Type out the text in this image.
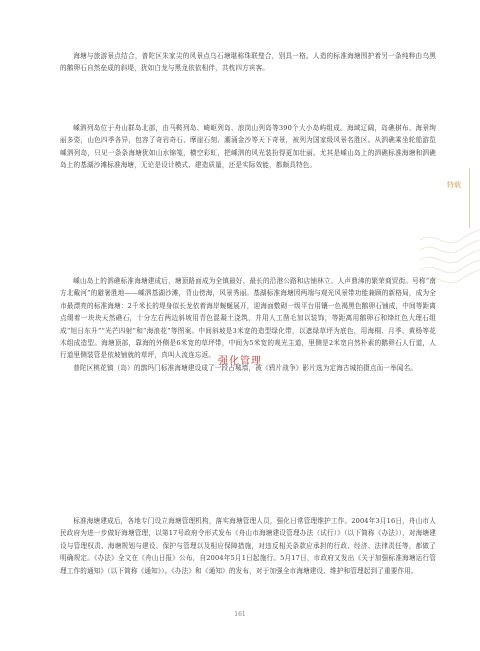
特载

海塘与旅游景点结合，普陀区朱家尖的风景点乌石塘堪称珠联璧合，别具一格。人造的标准海塘围护着另一条纯粹由乌黑的鹅卵石自然垒成的斜堤，犹如白龙与黑龙依依相伴，共枕四方宾客。

嵊泗列岛位于舟山群岛北部，由马鞍列岛、崎岖列岛、浪岗山列岛等390个大小岛屿组成。海域辽阔，岛礁棋布、海景绚丽多姿，山色四季各异，包容了奇岩奇石、摩崖石刻、潮涌金沙等天下奇景，被列为国家级风景名胜区。从泗礁乘坐轮船游览嵊泗列岛，只见一条条海塘犹如山水锦笺，横空彩虹，把嵊泗的风光装扮得更加壮丽。尤其是嵊山岛上的泗礁标准海塘和泗礁岛上的基湖沙滩标准海塘，无论是设计模式、建造质量，还是实际效能，都颇具特色。

嵊山岛上的泗礁标准海塘建成后，塘顶路面成为全镇最好、最长的沿港公路和店铺林立、人声鼎沸的繁荣商贸街。号称“南方北戴河”的避暑胜地——嵊泗基湖沙滩，背山傍海，风景秀丽。基湖标准海塘因两端与观光风景带功能兼顾的新格局，成为全市最漂亮的标准海塘：2千米长的堤身似长龙依着海岸蜿蜒展开，迎海面敷砌一级平台用镶一色褐黑色鹅卵石铺成，中间等距离点缀着一块块天然礁石，十分左右两边斜坡用青色混凝土浇筑，并用人工凿毛加以装饰，等距离用鹅卵石和绛红色大理石组成“旭日东升”“光芒四射”和“海浪花”等图案。中间斜坡是3米宽的造型绿化带，以遮绿草坪为底色，用海桐、月季、黄杨等花木组成造型。海塘顶部，靠海的外侧是6米宽的草坪带，中间为5米宽的观光主道，里侧是2米宽自然朴素的鹅卵石人行道，人行道里侧装管是依坡铺就的草坪，真叫人流连忘返。

普陀区桃花镇（岛）的鹊玛门标准海塘建设成了一段占城墙，被《鸦片战争》影片选为定海古城拍摄点而一举闻名。

强化管理

标准海塘建成后，各地专门设立海塘管理机构，落实海塘管理人员，强化日常管理维护工作。2004年3月16日，舟山市人民政府为进一步做好海塘管理，以第17号政府令形式发布《舟山市海塘建设管理办法（试行）》（以下简称《办法》），对海塘建设与管理权责、海塘规划与建设、保护与管理以及相应保障措施，对违反相关条款应承担的行政、经济、法律责任等，都做了明确规定。《办法》全文在《舟山日报》公布，自2004年5月1日起施行。5月17日，市政府又发出《关于加强标准海塘运行管理工作的通知》（以下简称《通知》）。《办法》和《通知》的发布，对于加强全市海塘建设、维护和管理起到了重要作用。

161
